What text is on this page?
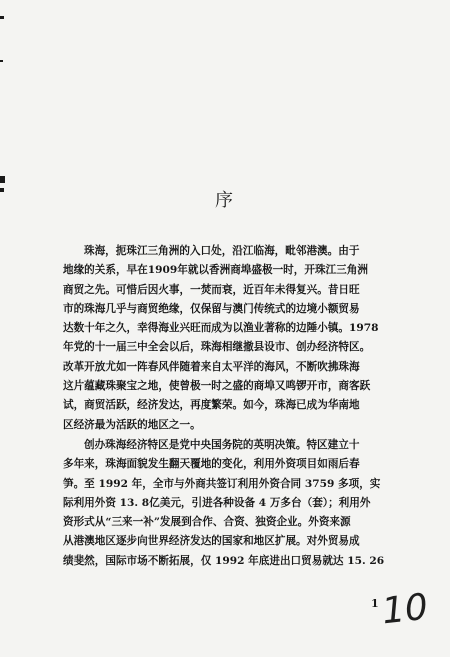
序
珠海，扼珠江三角洲的入口处，沿江临海，毗邻港澳。由于
地缘的关系，早在1909年就以香洲商埠盛极一时，开珠江三角洲
商贸之先。可惜后因火事，一焚而衰，近百年未得复兴。昔日旺
市的珠海几乎与商贸绝缘，仅保留与澳门传统式的边境小额贸易
达数十年之久，幸得海业兴旺而成为以渔业著称的边陲小镇。1978
年党的十一届三中全会以后，珠海相继撤县设市、创办经济特区。
改革开放尤如一阵春风伴随着来自太平洋的海风，不断吹拂珠海
这片蕴藏珠聚宝之地，使曾极一时之盛的商埠又鸣锣开市，商客跃
试，商贸活跃，经济发达，再度繁荣。如今，珠海已成为华南地
区经济最为活跃的地区之一。
创办珠海经济特区是党中央国务院的英明决策。特区建立十
多年来，珠海面貌发生翻天覆地的变化，利用外资项目如雨后春
笋。至 1992 年，全市与外商共签订利用外资合同 3759 多项，实
际利用外资 13. 8亿美元，引进各种设备 4 万多台（套）；利用外
资形式从“三来一补”发展到合作、合资、独资企业。外资来源
从港澳地区逐步向世界经济发达的国家和地区扩展。对外贸易成
绩斐然，国际市场不断拓展，仅 1992 年底进出口贸易就达 15. 26
1 10
